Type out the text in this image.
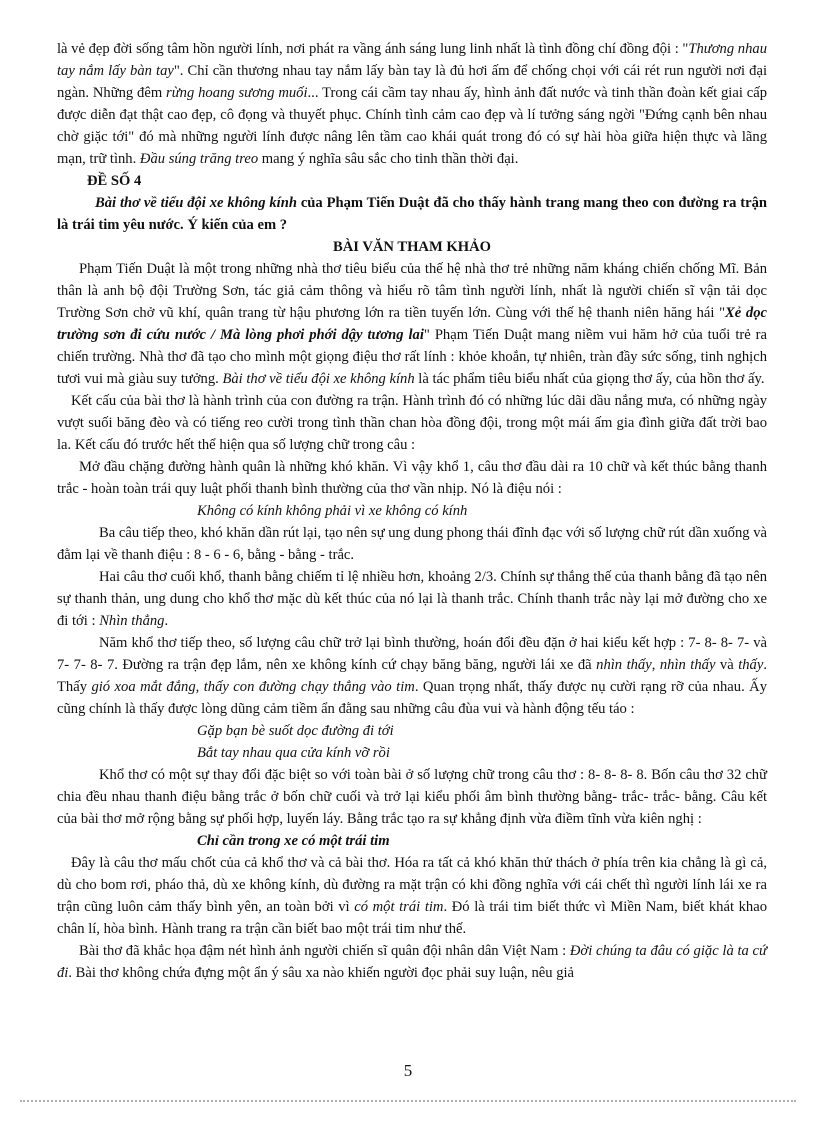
là vẻ đẹp đời sống tâm hồn người lính, nơi phát ra vầng ánh sáng lung linh nhất là tình đồng chí đồng đội : "Thương nhau tay nắm lấy bàn tay". Chỉ cần thương nhau tay nắm lấy bàn tay là đủ hơi ấm để chống chọi với cái rét run người nơi đại ngàn. Những đêm rừng hoang sương muối... Trong cái cầm tay nhau ấy, hình ảnh đất nước và tinh thần đoàn kết giai cấp được diễn đạt thật cao đẹp, cô đọng và thuyết phục. Chính tình cảm cao đẹp và lí tưởng sáng ngời "Đứng cạnh bên nhau chờ giặc tới" đó mà những người lính được nâng lên tầm cao khái quát trong đó có sự hài hòa giữa hiện thực và lãng mạn, trữ tình. Đầu súng trăng treo mang ý nghĩa sâu sắc cho tinh thần thời đại.

ĐỀ SỐ 4

Bài thơ về tiểu đội xe không kính của Phạm Tiến Duật đã cho thấy hành trang mang theo con đường ra trận là trái tim yêu nước. Ý kiến của em ?

BÀI VĂN THAM KHẢO

Phạm Tiến Duật là một trong những nhà thơ tiêu biểu của thế hệ nhà thơ trẻ những năm kháng chiến chống Mĩ. Bản thân là anh bộ đội Trường Sơn, tác giả cảm thông và hiểu rõ tâm tình người lính, nhất là người chiến sĩ vận tải dọc Trường Sơn chở vũ khí, quân trang từ hậu phương lớn ra tiền tuyến lớn. Cùng với thế hệ thanh niên hăng hái "Xẻ dọc trường sơn đi cứu nước / Mà lòng phơi phới dậy tương lai" Phạm Tiến Duật mang niềm vui hăm hở của tuổi trẻ ra chiến trường. Nhà thơ đã tạo cho mình một giọng điệu thơ rất lính : khỏe khoắn, tự nhiên, tràn đầy sức sống, tinh nghịch tươi vui mà giàu suy tưởng. Bài thơ về tiểu đội xe không kính là tác phẩm tiêu biểu nhất của giọng thơ ấy, của hồn thơ ấy.

Kết cấu của bài thơ là hành trình của con đường ra trận. Hành trình đó có những lúc dãi dầu nắng mưa, có những ngày vượt suối băng đèo và có tiếng reo cười trong tình thần chan hòa đồng đội, trong một mái ấm gia đình giữa đất trời bao la. Kết cấu đó trước hết thể hiện qua số lượng chữ trong câu :

Mở đầu chặng đường hành quân là những khó khăn. Vì vậy khổ 1, câu thơ đầu dài ra 10 chữ và kết thúc bằng thanh trắc - hoàn toàn trái quy luật phối thanh bình thường của thơ vần nhịp. Nó là điệu nói :

Không có kính không phải vì xe không có kính

Ba câu tiếp theo, khó khăn dần rút lại, tạo nên sự ung dung phong thái đĩnh đạc với số lượng chữ rút dần xuống và đằm lại về thanh điệu : 8 - 6 - 6, bằng - bằng - trắc.

Hai câu thơ cuối khổ, thanh bằng chiếm tỉ lệ nhiều hơn, khoảng 2/3. Chính sự thắng thế của thanh bằng đã tạo nên sự thanh thản, ung dung cho khổ thơ mặc dù kết thúc của nó lại là thanh trắc. Chính thanh trắc này lại mở đường cho xe đi tới : Nhìn thẳng.

Năm khổ thơ tiếp theo, số lượng câu chữ trở lại bình thường, hoán đổi đều đặn ở hai kiểu kết hợp : 7- 8- 8- 7- và 7- 7- 8- 7. Đường ra trận đẹp lắm, nên xe không kính cứ chạy băng băng, người lái xe đã nhìn thấy, nhìn thấy và thấy. Thấy gió xoa mắt đắng, thấy con đường chạy thẳng vào tim. Quan trọng nhất, thấy được nụ cười rạng rỡ của nhau. Ấy cũng chính là thấy được lòng dũng cảm tiềm ẩn đằng sau những câu đùa vui và hành động tếu táo :

Gặp bạn bè suốt dọc đường đi tới

Bắt tay nhau qua cửa kính vỡ rồi

Khổ thơ có một sự thay đổi đặc biệt so với toàn bài ở số lượng chữ trong câu thơ : 8- 8- 8- 8. Bốn câu thơ 32 chữ chia đều nhau thanh điệu bằng trắc ở bốn chữ cuối và trở lại kiểu phối âm bình thường bằng- trắc- trắc- bằng. Câu kết của bài thơ mở rộng bằng sự phối hợp, luyến láy. Bằng trắc tạo ra sự khẳng định vừa điềm tĩnh vừa kiên nghị :

Chỉ cần trong xe có một trái tim

Đây là câu thơ mấu chốt của cả khổ thơ và cả bài thơ. Hóa ra tất cả khó khăn thử thách ở phía trên kia chẳng là gì cả, dù cho bom rơi, pháo thả, dù xe không kính, dù đường ra mặt trận có khi đồng nghĩa với cái chết thì người lính lái xe ra trận cũng luôn cảm thấy bình yên, an toàn bởi vì có một trái tim. Đó là trái tim biết thức vì Miền Nam, biết khát khao chân lí, hòa bình. Hành trang ra trận cần biết bao một trái tim như thế.

Bài thơ đã khắc họa đậm nét hình ảnh người chiến sĩ quân đội nhân dân Việt Nam : Đời chúng ta đâu có giặc là ta cứ đi. Bài thơ không chứa đựng một ẩn ý sâu xa nào khiến người đọc phải suy luận, nêu giả

5
